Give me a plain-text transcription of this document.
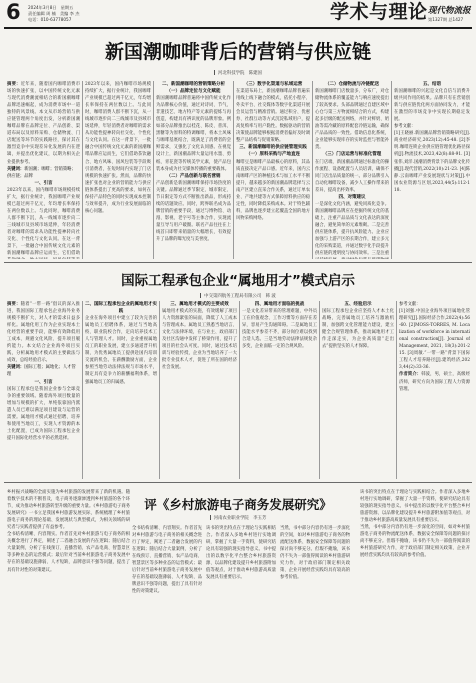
6 2024年3月8日　星期五
责任编辑 周 楠　美编 李 杰
电话：010-63778057	学术与理论 现代物流报
第1327期 总1427
新国潮咖啡背后的营销与供应链
河北科技学院　陈建国
摘要：近年来，随着国内咖啡消费市场的快速扩张，以中国传统文化元素与现代消费潮流相结合的新国潮咖啡品牌迅速崛起，成为消费市场中一道独特的风景线。本文从市场营销与供应链管理两个角度出发，分析新国潮咖啡品牌在品牌定位、产品创新、渠道布局以及原料采购、仓储物流、门店配送等环节的实践路径，探讨其在激烈竞争中实现差异化发展的内在逻辑，并提出优化建议，以期为相关企业提供参考。
关键词：新国潮；咖啡；营销策略；供应链；品牌
一、引言
2023年以来，国内咖啡市场规模持续扩大，据行业统计，我国咖啡产业规模已超过两千亿元，年均增长率保持在两位数以上。与此同时，咖啡消费人群不断下沉，从一线城市逐步向二三线城市及县域市场延伸，年轻消费者对咖啡的需求从功能性提神转向社交化、个性化与文化认同。在这一背景下，一批融合中国传统文化元素的新国潮咖啡品牌应运而生，它们借助
2023年以来，国内咖啡市场规模持续扩大，据行业统计，我国咖啡产业规模已超过两千亿元，年均增长率保持在两位数以上。与此同时，咖啡消费人群不断下沉，从一线城市逐步向二三线城市及县域市场延伸，年轻消费者对咖啡的需求从功能性提神转向社交化、个性化与文化认同。在这一背景下，一批融合中国传统文化元素的新国潮咖啡品牌应运而生，它们借助茶饮融合、地方风味、国风包装等手段吸引消费者，在短时间内实现了门店规模的快速扩张。然而，品牌的快速扩张也对企业的营销能力与供应链体系提出了更高的要求，如何在保持产品特色的同时实现成本控制与效率提升，成为行业发展面临的核心问题。
二、新国潮咖啡的营销策略分析
（一）品牌定位与文化赋能
新国潮咖啡品牌普遍将中国传统文化作为品牌核心价值，通过对诗词、节气、非遗技艺、地方特产等元素的提炼与再创造，构建具有辨识度的品牌形象。例如部分品牌推出以桂花、陈皮、普洱、黑糖等为原料的特调咖啡，将本土风味与咖啡基底结合，既满足了消费者的尝鲜需求，又强化了文化认同感。在视觉设计上，新国潮品牌大量运用水墨、剪纸、青花瓷等传统美学元素，使产品包装本身成为社交媒体传播的重要载体。
（二）产品创新与联名营销
产品创新是新国潮咖啡保持市场热度的关键。品牌通过季节限定、城市限定、节日限定等方式不断推出新品，形成持续的话题效应。同时，跨界联名成为品牌营销的重要手段，通过与博物馆、动漫、影视、老字号等主体合作，实现流量互导与用户破圈。联名产品往往在上线首日即带来销量的大幅增长，有效提升了品牌的曝光度与美誉度。
（三）数字化渠道与私域运营
在渠道布局上，新国潮咖啡品牌普遍采用线上线下融合的模式，依托小程序、外卖平台、社交媒体等数字化渠道开展会员运营与精准营销。通过积分、优惠券、社群互动等方式沉淀私域用户，提高复购率与用户黏性。数据驱动的营销决策使品牌能够根据消费者偏好及时调整产品结构与促销策略。
三、新国潮咖啡的供应链管理实践
（一）原料采购与产地直连
咖啡豆是咖啡产品最核心的原料，其品质直接决定产品口感。近年来，国内云南咖啡产区的种植技术与加工水平不断提升，越来越多的新国潮品牌选择与云南产区建立直采合作关系，通过订单农业、产地共建等方式保障原料供应的稳定性，同时降低采购成本。对于特色辅料，品牌也逐步建立起覆盖全国的地方风物采购网络。
（二）仓储物流与冷链配送
新国潮咖啡门店数量多、分布广，对仓储物流体系的覆盖能力与响应速度提出了较高要求。头部品牌通过自建区域中心仓与第三方物流相结合的方式，构建起多层级的配送网络，并针对鲜奶、奶油等需冷藏的原料配套冷链运输，确保产品品质的一致性。借助信息化系统，企业能够实现库存的实时监控与智能补货。
（三）门店运营与标准化管理
在门店端，新国潮品牌通过标准化的操作流程、设备配置与人员培训，确保不同门店出品质量的统一。部分品牌引入自动化咖啡设备，减少人工操作带来的差异，提高出杯效率。
四、对策建议
一是深化文化内涵，避免同质化竞争。新国潮咖啡品牌应在挖掘传统文化的基础上，注重产品品质与文化表达的深度融合，避免简单的元素堆砌。二是完善供应链体系，提升抗风险能力。企业应加强与上游产区的长期合作，建立多元化的采购渠道，并通过数字化手段提升供应链的透明度与协同效率。三是注重
五、结语
新国潮咖啡的兴起是文化自信与消费升级共同作用的结果。品牌只有在营销创新与供应链优化两方面协同发力，才能在激烈的市场竞争中实现长期稳定发展。
参考文献：
[1]王晓丽.新国潮品牌营销策略研究[J].商业经济研究,2023(12):45-48. [2]李明.咖啡连锁企业供应链管理优化路径探析[J].物流技术,2023,42(8):88-91. [3]张伟,刘洋.国潮消费背景下的品牌文化传播[J].现代营销,2022(10):21-23. [4]陈静.云南咖啡产业发展现状与对策[J].中国农业资源与区划,2023,44(5):112-118.
国际工程承包企业“属地用才”模式启示
中交第四航务工程局有限公司　韩 波
摘要：随着“一带一路”倡议的深入推进，我国国际工程承包企业海外业务规模不断扩大，对人才的需求日益多样化。属地化用工作为企业实现本土化经营的重要手段，能够有效降低用工成本、规避文化风险、提升项目履约能力。本文结合企业海外项目实践，分析属地用才模式的主要做法与成效，总结经验启示。
关键词：国际工程；属地化；人才管理
一、引言
国际工程承包是我国企业参与全球竞争的重要领域。随着海外项目数量的增加与规模的扩大，单纯依靠国内派遣人员已难以满足项目建设与运营的需要。属地用才模式通过招聘、培养和使用当地员工，实现人才资源的本土化配置，已成为国际工程承包企业提升国际化经营水平的必然选择。
二、国际工程承包企业的属地用才实践
企业在海外项目中建立了较为完善的属地员工招聘体系，通过与当地高校、职业院校合作，定向培养技术工人与管理人才。同时，企业重视属地员工的职业发展，建立多通道晋升机制，为优秀属地员工提供赴国内培训交流的机会。在薪酬激励方面，企业参照当地劳动法律法规与市场水平，制定具有竞争力的薪酬福利体系，增强属地员工的归属感。
三、属地用才模式的主要成效
属地用才模式的实施，有效缓解了项目人力资源紧张的局面，降低了人工成本与管理成本。属地员工熟悉当地语言、文化与法律环境，在与业主、政府部门及社区沟通中发挥了桥梁作用，提升了项目的社会认可度。同时，通过技术培训与经验传授，企业为当地培养了一大批专业技术人才，促进了所在国的经济社会发展。
四、属地用才面临的挑战
一是文化差异带来的管理难题，中外员工在价值观念、工作习惯等方面存在差异，容易产生沟通障碍。二是属地员工技能水平参差不齐，部分岗位难以找到合适人选。三是当地劳动法律法规复杂多变，企业面临一定的合规风险。
五、经验启示
国际工程承包企业应坚持人才本土化战略，完善属地员工培养与激励机制，加强跨文化管理能力建设，建立健全合规管理体系，推动属地用才工作走深走实，为企业高质量“走出去”提供坚实的人才保障。
参考文献：
[1]刘强.中国企业海外项目属地化管理研究[J].国际经济合作,2022(4):56-60. [2]MOSS-TORRES, M. Localization of workforce in international construction[J]. Journal of Management, 2021, 18(3):201-215. [3]周敏.“一带一路”背景下国际工程人才培养路径[J].建筑经济,2023,44(2):33-36.
作者简介：韩波，男，硕士，高级经济师，研究方向为国际工程人力资源管理。
乡村振兴战略的全面实施为乡村旅游的发展带来了新的机遇。随着数字技术的不断普及，电子商务逐渐渗透到乡村旅游的各个环节，成为推动乡村旅游转型升级的重要力量。《乡村旅游电子商务发展研究》一书立足我国乡村旅游发展实际，系统梳理了乡村旅游电子商务的理论基础、发展现状与典型模式，为相关领域的研究者与实践者提供了有益参考。
全书结构清晰、内容翔实。作者首先对乡村旅游与电子商务的相关概念进行了界定，阐述了二者融合发展的内在逻辑；随后结合大量案例，分析了在线预订、直播营销、农产品电商、智慧景区等多种业态的运营模式；最后针对当前乡村旅游电子商务发展中存在的基础设施薄弱、人才短缺、品牌意识不强等问题，提出了具有针对性的对策建议。
评《乡村旅游电子商务发展研究》
河南农业职业学院　李玉芳
全书结构清晰、内容翔实。作者首先对乡村旅游与电子商务的相关概念进行了界定，阐述了二者融合发展的内在逻辑；随后结合大量案例，分析了在线预订、直播营销、农产品电商、智慧景区等多种业态的运营模式；最后针对当前乡村旅游电子商务发展中存在的基础设施薄弱、人才短缺、品牌意识不强等问题，提出了具有针对性的对策建议。
该书的突出特点在于理论与实践相结合。作者深入多地乡村进行实地调研，掌握了大量一手资料，使研究结论具有较强的现实指导意义。书中提出的以数字化平台整合乡村旅游资源、以品牌化建设提升乡村旅游附加值等观点，对于推动乡村旅游高质量发展具有重要启示。
当然，书中部分内容仍有进一步深化的空间，如对乡村旅游电子商务的物流配送体系、数据安全保障等问题的探讨尚不够充分。但瑕不掩瑜，该书仍不失为一部值得阅读的乡村旅游研究力作，对于政府部门制定相关政策、企业开展经营实践均具有较高的参考价值。
该书的突出特点在于理论与实践相结合。作者深入多地乡村进行实地调研，掌握了大量一手资料，使研究结论具有较强的现实指导意义。书中提出的以数字化平台整合乡村旅游资源、以品牌化建设提升乡村旅游附加值等观点，对于推动乡村旅游高质量发展具有重要启示。
当然，书中部分内容仍有进一步深化的空间，如对乡村旅游电子商务的物流配送体系、数据安全保障等问题的探讨尚不够充分。但瑕不掩瑜，该书仍不失为一部值得阅读的乡村旅游研究力作，对于政府部门制定相关政策、企业开展经营实践均具有较高的参考价值。
